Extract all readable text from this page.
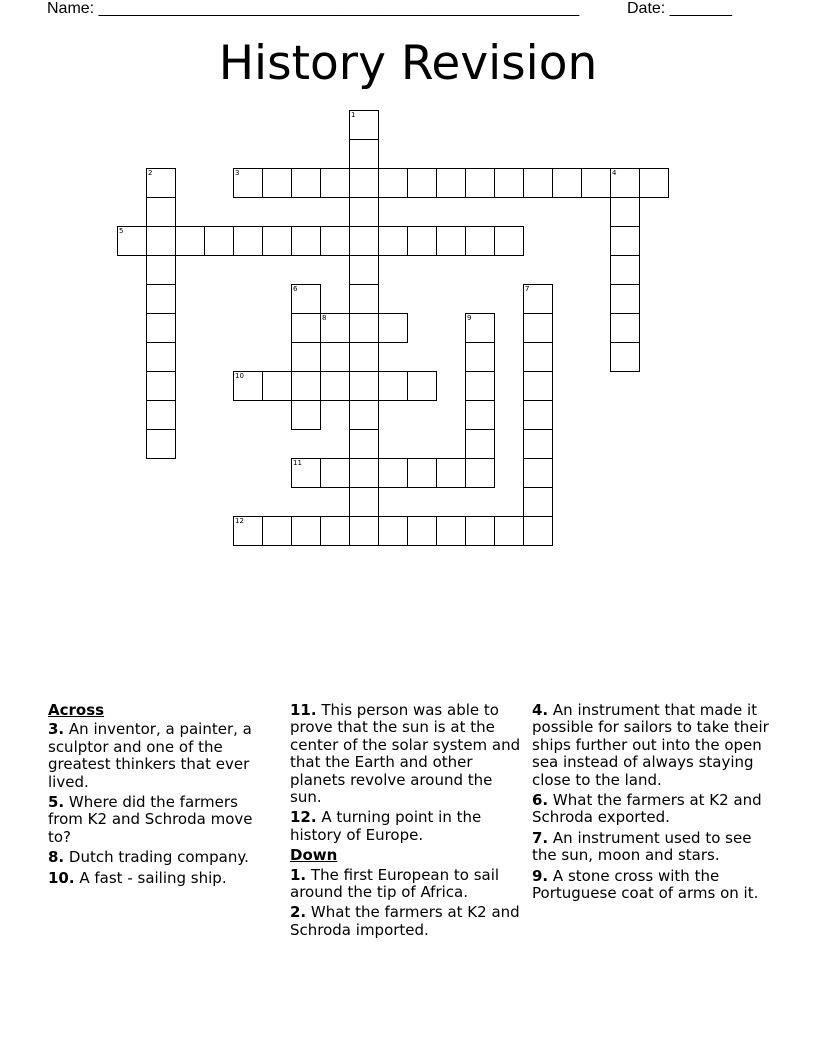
Name: ______________________________________________________	Date: _______
History Revision
1
2	3	4
5
6	7
8	9
10
11
12
Across
3. An inventor, a painter, a sculptor and one of the greatest thinkers that ever lived.
5. Where did the farmers from K2 and Schroda move to?
8. Dutch trading company.
10. A fast - sailing ship.
11. This person was able to prove that the sun is at the center of the solar system and that the Earth and other planets revolve around the sun.
12. A turning point in the history of Europe.
Down
1. The first European to sail around the tip of Africa.
2. What the farmers at K2 and Schroda imported.
4. An instrument that made it possible for sailors to take their ships further out into the open sea instead of always staying close to the land.
6. What the farmers at K2 and Schroda exported.
7. An instrument used to see the sun, moon and stars.
9. A stone cross with the Portuguese coat of arms on it.
